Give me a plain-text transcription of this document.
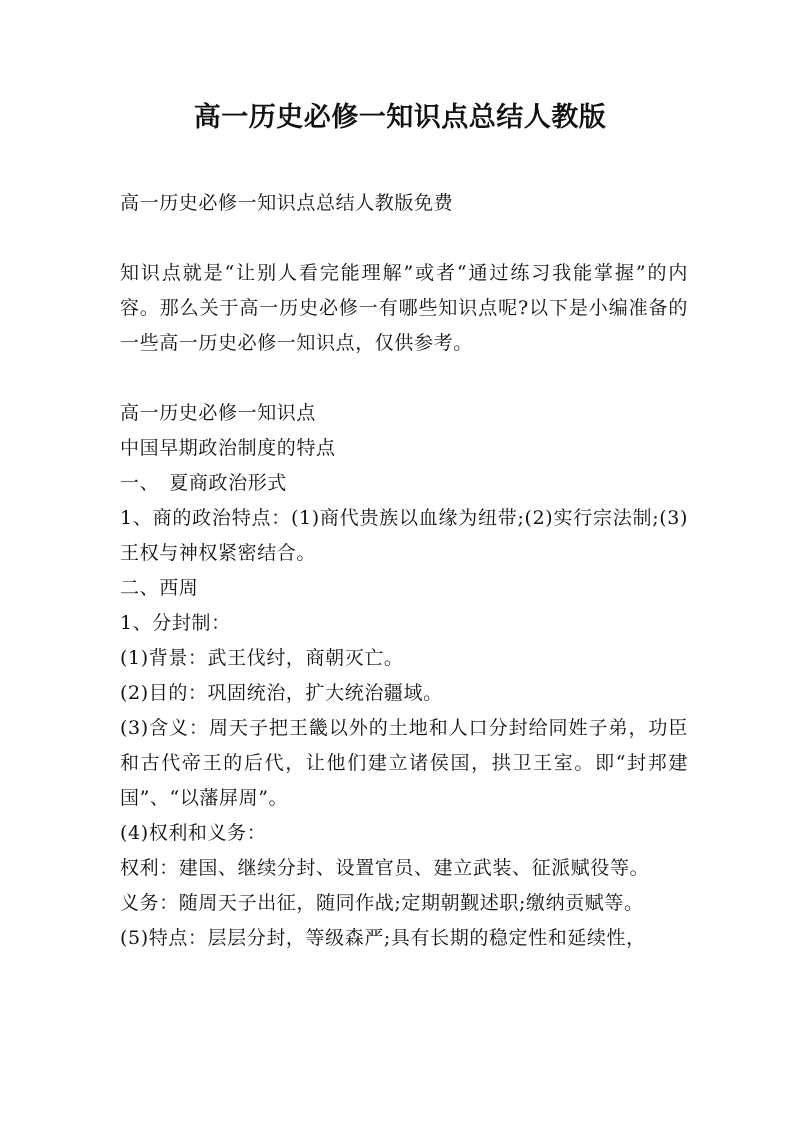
高一历史必修一知识点总结人教版

高一历史必修一知识点总结人教版免费

知识点就是“让别人看完能理解”或者“通过练习我能掌握”的内容。那么关于高一历史必修一有哪些知识点呢?以下是小编准备的一些高一历史必修一知识点，仅供参考。

高一历史必修一知识点

中国早期政治制度的特点

一、　夏商政治形式

1、商的政治特点：(1)商代贵族以血缘为纽带;(2)实行宗法制;(3)王权与神权紧密结合。

二、西周

1、分封制：

(1)背景：武王伐纣，商朝灭亡。

(2)目的：巩固统治，扩大统治疆域。

(3)含义：周天子把王畿以外的土地和人口分封给同姓子弟，功臣和古代帝王的后代，让他们建立诸侯国，拱卫王室。即“封邦建国”、“以藩屏周”。

(4)权利和义务：

权利：建国、继续分封、设置官员、建立武装、征派赋役等。

义务：随周天子出征，随同作战;定期朝觐述职;缴纳贡赋等。

(5)特点：层层分封，等级森严;具有长期的稳定性和延续性，
